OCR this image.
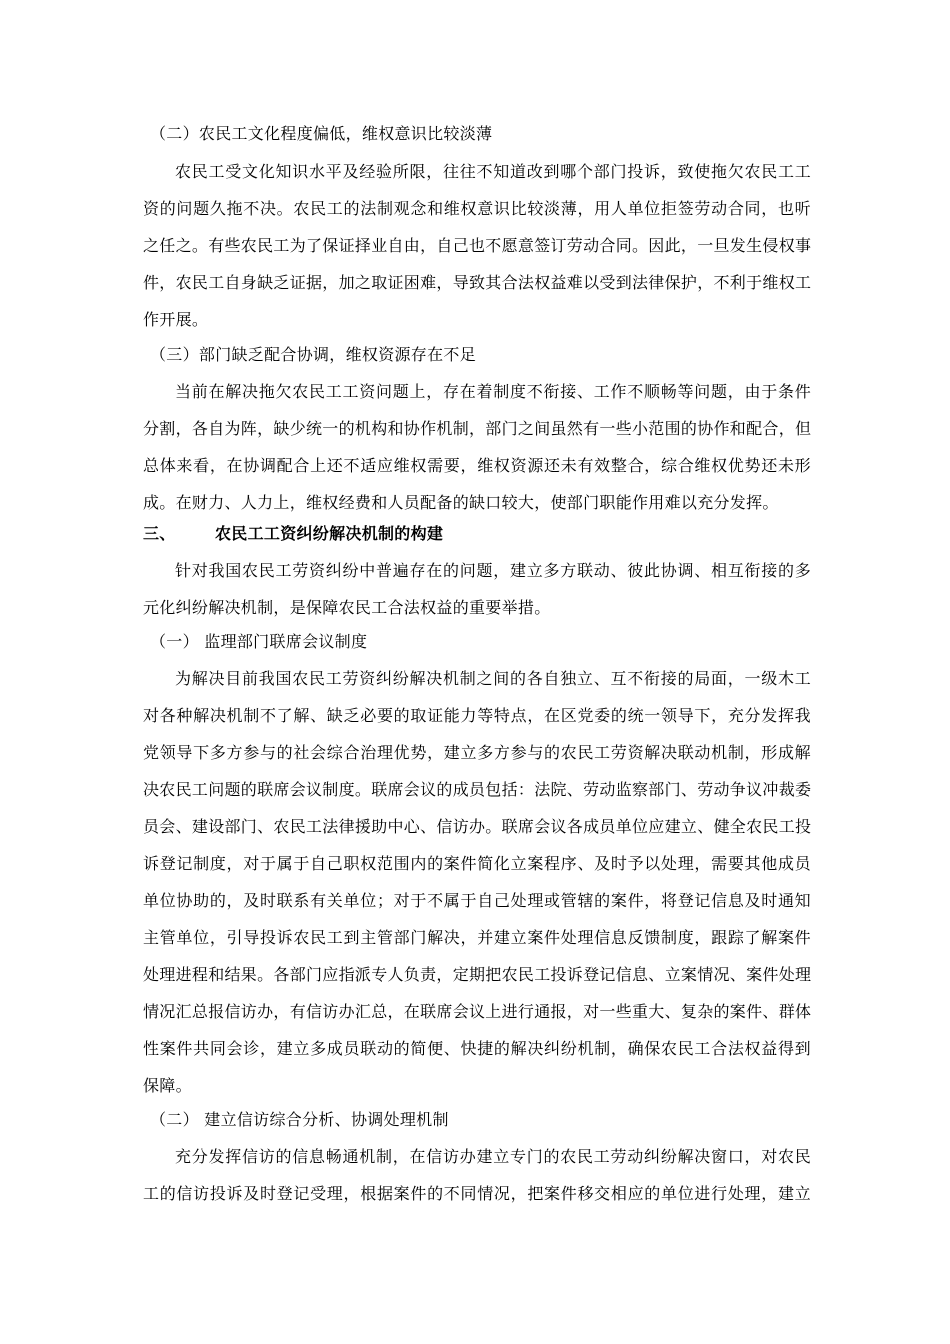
（二）农民工文化程度偏低，维权意识比较淡薄
农民工受文化知识水平及经验所限，往往不知道改到哪个部门投诉，致使拖欠农民工工
资的问题久拖不决。农民工的法制观念和维权意识比较淡薄，用人单位拒签劳动合同，也听
之任之。有些农民工为了保证择业自由，自己也不愿意签订劳动合同。因此，一旦发生侵权事
件，农民工自身缺乏证据，加之取证困难，导致其合法权益难以受到法律保护，不利于维权工
作开展。
（三）部门缺乏配合协调，维权资源存在不足
当前在解决拖欠农民工工资问题上，存在着制度不衔接、工作不顺畅等问题，由于条件
分割，各自为阵，缺少统一的机构和协作机制，部门之间虽然有一些小范围的协作和配合，但
总体来看，在协调配合上还不适应维权需要，维权资源还未有效整合，综合维权优势还未形
成。在财力、人力上，维权经费和人员配备的缺口较大，使部门职能作用难以充分发挥。
三、 农民工工资纠纷解决机制的构建
针对我国农民工劳资纠纷中普遍存在的问题，建立多方联动、彼此协调、相互衔接的多
元化纠纷解决机制，是保障农民工合法权益的重要举措。
（一） 监理部门联席会议制度
为解决目前我国农民工劳资纠纷解决机制之间的各自独立、互不衔接的局面，一级木工
对各种解决机制不了解、缺乏必要的取证能力等特点，在区党委的统一领导下，充分发挥我
党领导下多方参与的社会综合治理优势，建立多方参与的农民工劳资解决联动机制，形成解
决农民工问题的联席会议制度。联席会议的成员包括：法院、劳动监察部门、劳动争议冲裁委
员会、建设部门、农民工法律援助中心、信访办。联席会议各成员单位应建立、健全农民工投
诉登记制度，对于属于自己职权范围内的案件简化立案程序、及时予以处理，需要其他成员
单位协助的，及时联系有关单位；对于不属于自己处理或管辖的案件，将登记信息及时通知
主管单位，引导投诉农民工到主管部门解决，并建立案件处理信息反馈制度，跟踪了解案件
处理进程和结果。各部门应指派专人负责，定期把农民工投诉登记信息、立案情况、案件处理
情况汇总报信访办，有信访办汇总，在联席会议上进行通报，对一些重大、复杂的案件、群体
性案件共同会诊，建立多成员联动的简便、快捷的解决纠纷机制，确保农民工合法权益得到
保障。
（二） 建立信访综合分析、协调处理机制
充分发挥信访的信息畅通机制，在信访办建立专门的农民工劳动纠纷解决窗口，对农民
工的信访投诉及时登记受理，根据案件的不同情况，把案件移交相应的单位进行处理，建立
